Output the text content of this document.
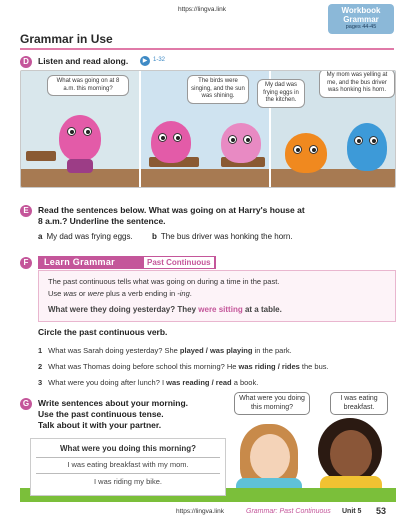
https://lingva.link	Workbook
Grammar
pages 44-45
Grammar in Use
D	Listen and read along.	▶ 1-32
What was going on at 8 a.m. this morning?
The birds were singing, and the sun was shining.
My dad was frying eggs in the kitchen.
My mom was yelling at me, and the bus driver was honking his horn.
E	Read the sentences below. What was going on at Harry's house at
8 a.m.? Underline the sentence.
a My dad was frying eggs. b The bus driver was honking the horn.
F	Learn Grammar	Past Continuous
The past continuous tells what was going on during a time in the past.
Use was or were plus a verb ending in -ing.
What were they doing yesterday? They were sitting at a table.
Circle the past continuous verb.
1 What was Sarah doing yesterday? She played / was playing in the park.
2 What was Thomas doing before school this morning? He was riding / rides the bus.
3 What were you doing after lunch? I was reading / read a book.
G	Write sentences about your morning.
Use the past continuous tense.
Talk about it with your partner.
What were you doing this morning?
I was eating breakfast.
What were you doing this morning?
I was eating breakfast with my mom.
I was riding my bike.
https://lingva.link	Grammar: Past Continuous Unit 5 53
